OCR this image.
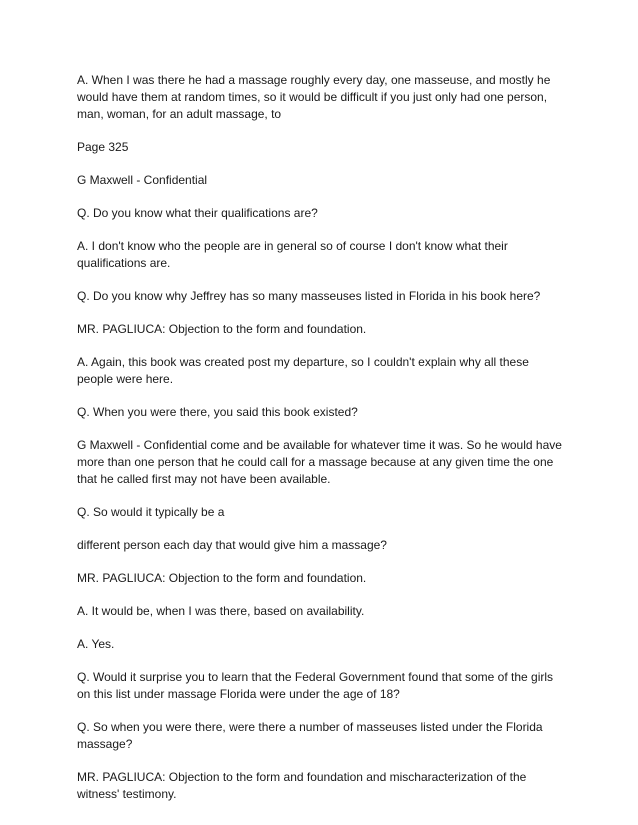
A. When I was there he had a massage roughly every day, one masseuse, and mostly he would have them at random times, so it would be difficult if you just only had one person, man, woman, for an adult massage, to

Page 325

G Maxwell - Confidential

Q. Do you know what their qualifications are?

A. I don't know who the people are in general so of course I don't know what their qualifications are.

Q. Do you know why Jeffrey has so many masseuses listed in Florida in his book here?

MR. PAGLIUCA: Objection to the form and foundation.

A. Again, this book was created post my departure, so I couldn't explain why all these people were here.

Q. When you were there, you said this book existed?

G Maxwell - Confidential come and be available for whatever time it was. So he would have more than one person that he could call for a massage because at any given time the one that he called first may not have been available.

Q. So would it typically be a

different person each day that would give him a massage?

MR. PAGLIUCA: Objection to the form and foundation.

A. It would be, when I was there, based on availability.

A. Yes.

Q. Would it surprise you to learn that the Federal Government found that some of the girls on this list under massage Florida were under the age of 18?

Q. So when you were there, were there a number of masseuses listed under the Florida massage?

MR. PAGLIUCA: Objection to the form and foundation and mischaracterization of the witness' testimony.
